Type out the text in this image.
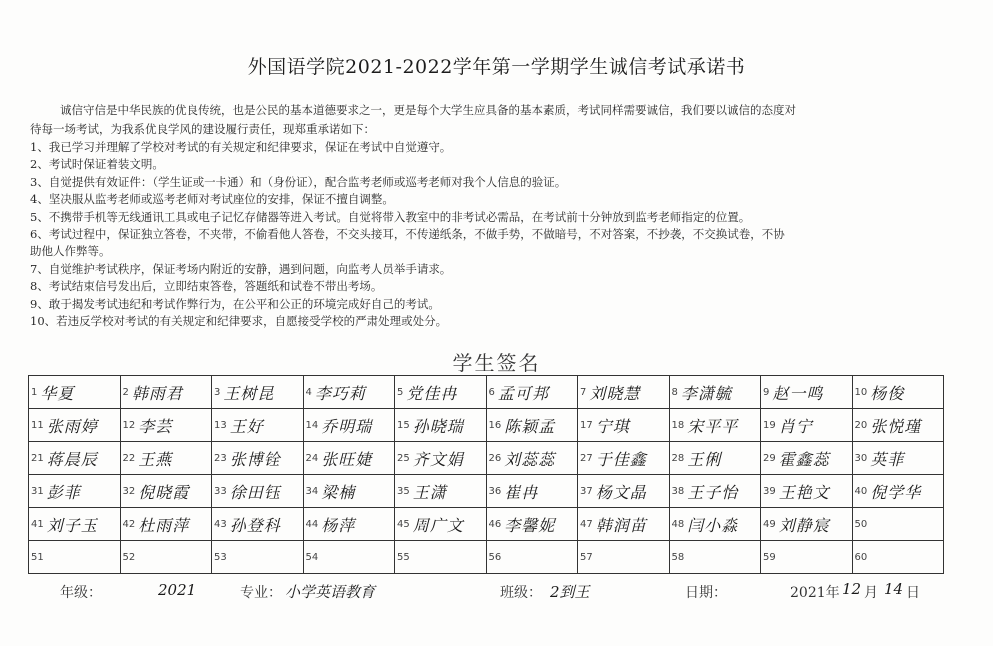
外国语学院2021-2022学年第一学期学生诚信考试承诺书

诚信守信是中华民族的优良传统，也是公民的基本道德要求之一，更是每个大学生应具备的基本素质，考试同样需要诚信，我们要以诚信的态度对

待每一场考试，为我系优良学风的建设履行责任，现郑重承诺如下：

1、我已学习并理解了学校对考试的有关规定和纪律要求，保证在考试中自觉遵守。
2、考试时保证着装文明。
3、自觉提供有效证件：（学生证或一卡通）和（身份证），配合监考老师或巡考老师对我个人信息的验证。
4、坚决服从监考老师或巡考老师对考试座位的安排，保证不擅自调整。
5、不携带手机等无线通讯工具或电子记忆存储器等进入考试。自觉将带入教室中的非考试必需品，在考试前十分钟放到监考老师指定的位置。
6、考试过程中，保证独立答卷，不夹带，不偷看他人答卷，不交头接耳，不传递纸条，不做手势，不做暗号，不对答案，不抄袭，不交换试卷，不协
助他人作弊等。
7、自觉维护考试秩序，保证考场内附近的安静，遇到问题，向监考人员举手请求。
8、考试结束信号发出后，立即结束答卷，答题纸和试卷不带出考场。
9、敢于揭发考试违纪和考试作弊行为，在公平和公正的环境完成好自己的考试。
10、若违反学校对考试的有关规定和纪律要求，自愿接受学校的严肃处理或处分。
学生签名
1 华夏	2 韩雨君	3 王树昆	4 李巧莉	5 党佳冉	6 孟可邦	7 刘晓慧	8 李潇毓	9 赵一鸣	10 杨俊
11 张雨婷	12 李芸	13 王好	14 乔明瑞	15 孙晓瑞	16 陈颖孟	17 宁琪	18 宋平平	19 肖宁	20 张悦瑾
21 蒋晨辰	22 王燕	23 张博铨	24 张旺婕	25 齐文娟	26 刘蕊蕊	27 于佳鑫	28 王俐	29 霍鑫蕊	30 英菲
31 彭菲	32 倪晓霞	33 徐田钰	34 梁楠	35 王潇	36 崔冉	37 杨文晶	38 王子怡	39 王艳文	40 倪学华
41 刘子玉	42 杜雨萍	43 孙登科	44 杨萍	45 周广文	46 李馨妮	47 韩润苗	48 闫小淼	49 刘静宸	50
51	52	53	54	55	56	57	58	59	60
年级：	2021	专业： 小学英语教育	班级： 2到王	日期：	2021年 12 月 14 日
